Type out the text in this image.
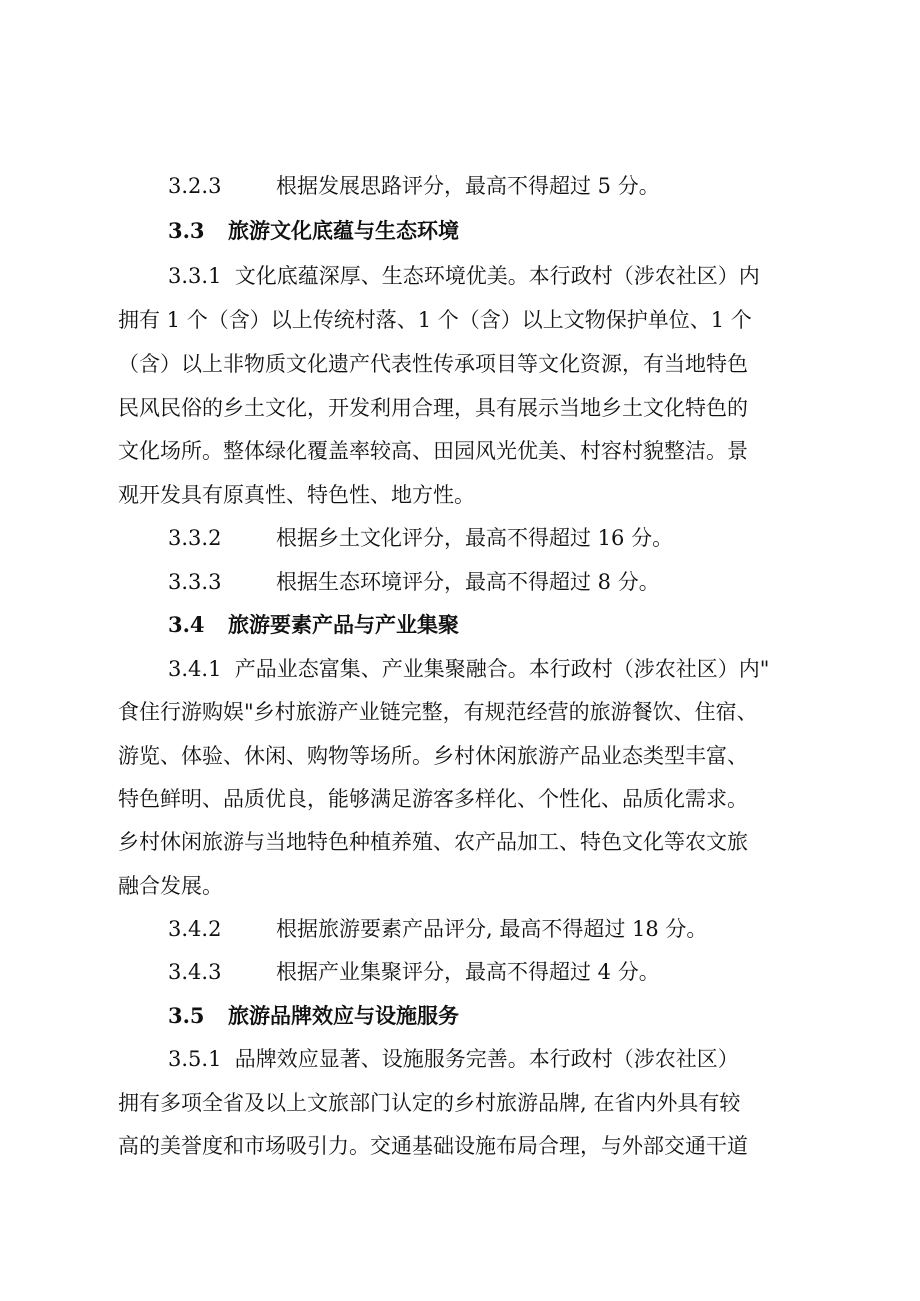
3.2.3	根据发展思路评分，最高不得超过 5 分。
3.3 旅游文化底蕴与生态环境
3.3.1 文化底蕴深厚、生态环境优美。本行政村（涉农社区）内
拥有 1 个（含）以上传统村落、1 个（含）以上文物保护单位、1 个
（含）以上非物质文化遗产代表性传承项目等文化资源，有当地特色
民风民俗的乡土文化，开发利用合理，具有展示当地乡土文化特色的
文化场所。整体绿化覆盖率较高、田园风光优美、村容村貌整洁。景
观开发具有原真性、特色性、地方性。
3.3.2	根据乡土文化评分，最高不得超过 16 分。
3.3.3	根据生态环境评分，最高不得超过 8 分。
3.4 旅游要素产品与产业集聚
3.4.1 产品业态富集、产业集聚融合。本行政村（涉农社区）内"
食住行游购娱"乡村旅游产业链完整，有规范经营的旅游餐饮、住宿、
游览、体验、休闲、购物等场所。乡村休闲旅游产品业态类型丰富、
特色鲜明、品质优良，能够满足游客多样化、个性化、品质化需求。
乡村休闲旅游与当地特色种植养殖、农产品加工、特色文化等农文旅
融合发展。
3.4.2	根据旅游要素产品评分, 最高不得超过 18 分。
3.4.3	根据产业集聚评分，最高不得超过 4 分。
3.5 旅游品牌效应与设施服务
3.5.1 品牌效应显著、设施服务完善。本行政村（涉农社区）
拥有多项全省及以上文旅部门认定的乡村旅游品牌, 在省内外具有较
高的美誉度和市场吸引力。交通基础设施布局合理，与外部交通干道
